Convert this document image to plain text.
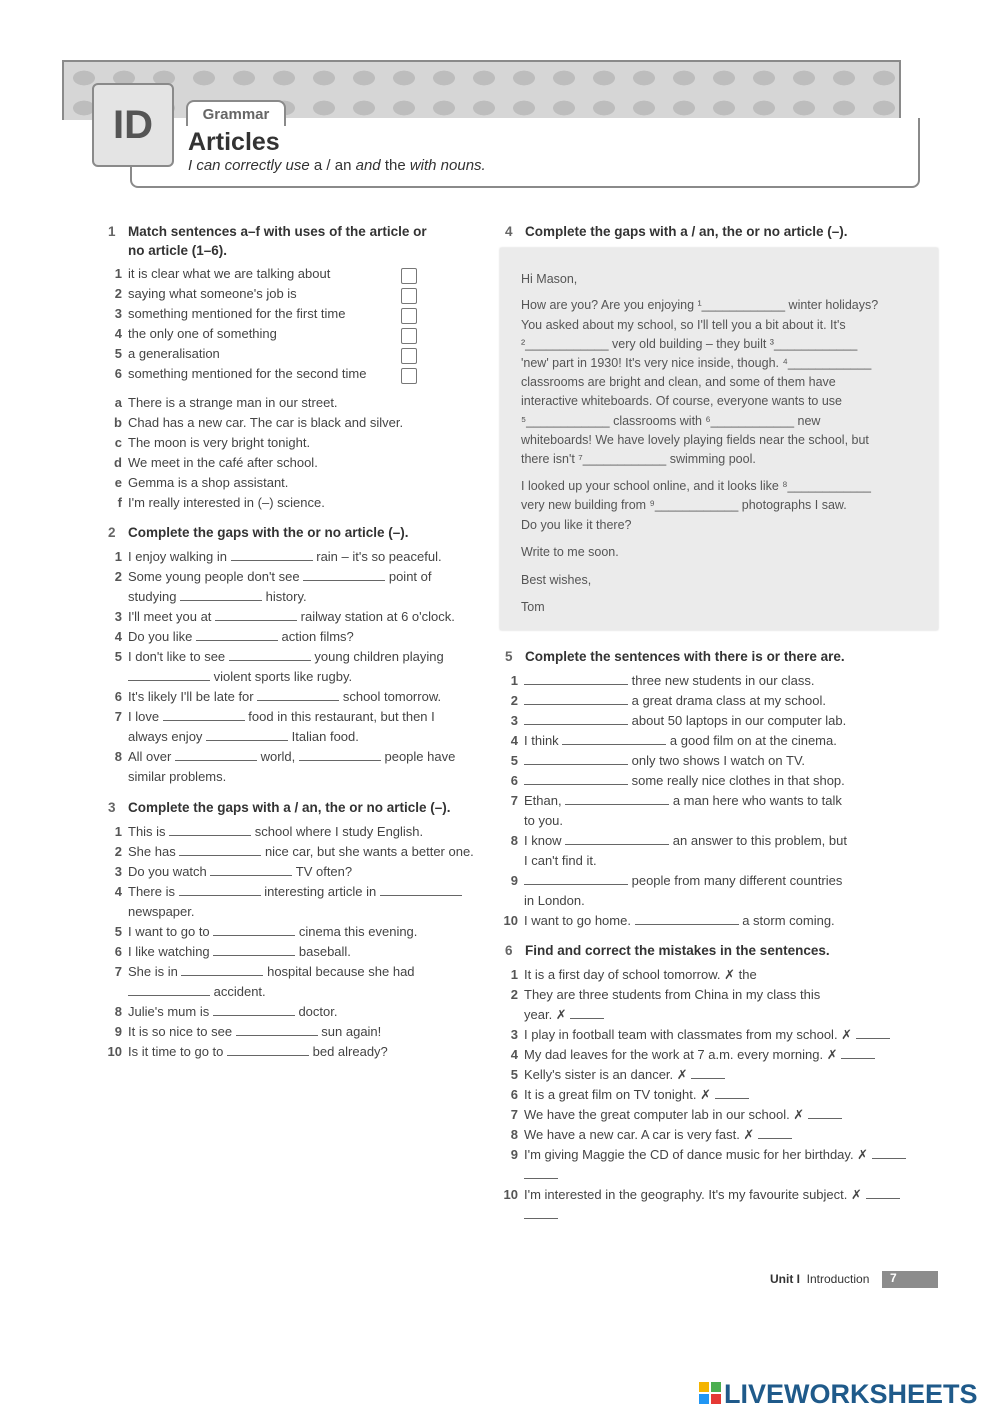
ID	Grammar
Articles
I can correctly use a / an and the with nouns.
1 Match sentences a–f with uses of the article or
no article (1–6).
1 it is clear what we are talking about
2 saying what someone's job is
3 something mentioned for the first time
4 the only one of something
5 a generalisation
6 something mentioned for the second time
a There is a strange man in our street.
b Chad has a new car. The car is black and silver.
c The moon is very bright tonight.
d We meet in the café after school.
e Gemma is a shop assistant.
f I'm really interested in (–) science.
2 Complete the gaps with the or no article (–).
1 I enjoy walking in	rain – it's so peaceful.
2 Some young people don't see	point of
studying	history.
3 I'll meet you at	railway station at 6 o'clock.
4 Do you like	action films?
5 I don't like to see	young children playing
violent sports like rugby.
6 It's likely I'll be late for	school tomorrow.
7 I love	food in this restaurant, but then I
always enjoy	Italian food.
8 All over	world,	people have
similar problems.
3 Complete the gaps with a / an, the or no article (–).
1 This is	school where I study English.
2 She has	nice car, but she wants a better one.
3 Do you watch	TV often?
4 There is	interesting article in
newspaper.
5 I want to go to	cinema this evening.
6 I like watching	baseball.
7 She is in	hospital because she had
accident.
8 Julie's mum is	doctor.
9 It is so nice to see	sun again!
10 Is it time to go to	bed already?
4 Complete the gaps with a / an, the or no article (–).
Hi Mason,
How are you? Are you enjoying ¹____________ winter holidays?
You asked about my school, so I'll tell you a bit about it. It's
²____________ very old building – they built ³____________
'new' part in 1930! It's very nice inside, though. ⁴____________
classrooms are bright and clean, and some of them have
interactive whiteboards. Of course, everyone wants to use
⁵____________ classrooms with ⁶____________ new
whiteboards! We have lovely playing fields near the school, but
there isn't ⁷____________ swimming pool.
I looked up your school online, and it looks like ⁸____________
very new building from ⁹____________ photographs I saw.
Do you like it there?
Write to me soon.
Best wishes,
Tom
5 Complete the sentences with there is or there are.
1	three new students in our class.
2	a great drama class at my school.
3	about 50 laptops in our computer lab.
4 I think	a good film on at the cinema.
5	only two shows I watch on TV.
6	some really nice clothes in that shop.
7 Ethan,	a man here who wants to talk
to you.
8 I know	an answer to this problem, but
I can't find it.
9	people from many different countries
in London.
10 I want to go home.	a storm coming.
6 Find and correct the mistakes in the sentences.
1 It is a first day of school tomorrow. ✗ the
2 They are three students from China in my class this
year. ✗
3 I play in football team with classmates from my school. ✗
4 My dad leaves for the work at 7 a.m. every morning. ✗
5 Kelly's sister is an dancer. ✗
6 It is a great film on TV tonight. ✗
7 We have the great computer lab in our school. ✗
8 We have a new car. A car is very fast. ✗
9 I'm giving Maggie the CD of dance music for her birthday. ✗
10 I'm interested in the geography. It's my favourite subject. ✗
Unit I Introduction	7
LIVEWORKSHEETS
